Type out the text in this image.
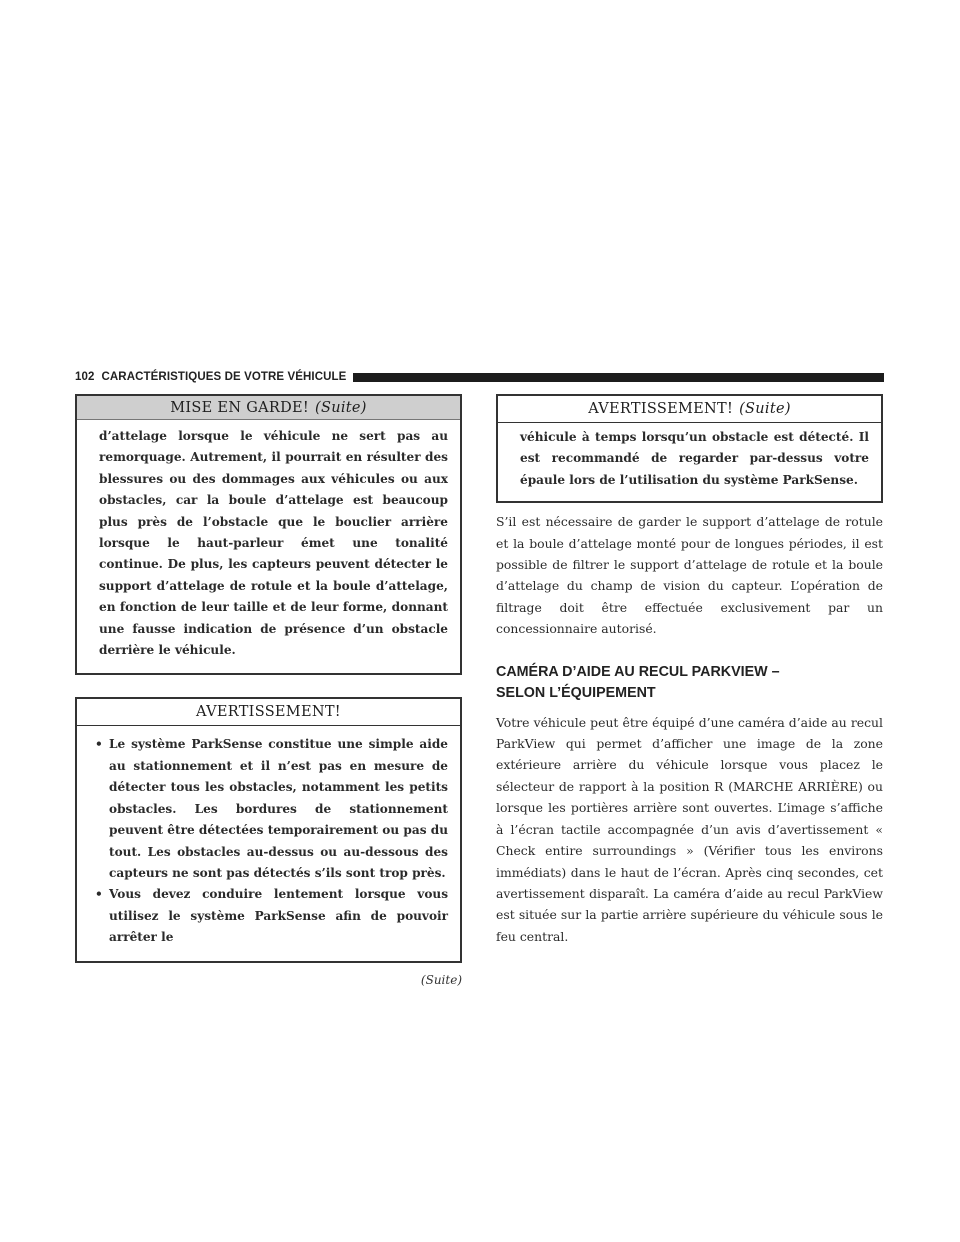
102 CARACTÉRISTIQUES DE VOTRE VÉHICULE
MISE EN GARDE! (Suite)
d’attelage lorsque le véhicule ne sert pas au remorquage. Autrement, il pourrait en résulter des blessures ou des dommages aux véhicules ou aux obstacles, car la boule d’attelage est beaucoup plus près de l’obstacle que le bouclier arrière lorsque le haut-parleur émet une tonalité continue. De plus, les capteurs peuvent détecter le support d’attelage de rotule et la boule d’attelage, en fonction de leur taille et de leur forme, donnant une fausse indication de présence d’un obstacle derrière le véhicule.
AVERTISSEMENT!
• Le système ParkSense constitue une simple aide au stationnement et il n’est pas en mesure de détecter tous les obstacles, notamment les petits obstacles. Les bordures de stationnement peuvent être détectées temporairement ou pas du tout. Les obstacles au-dessus ou au-dessous des capteurs ne sont pas détectés s’ils sont trop près.
• Vous devez conduire lentement lorsque vous utilisez le système ParkSense afin de pouvoir arrêter le
(Suite)
AVERTISSEMENT! (Suite)
véhicule à temps lorsqu’un obstacle est détecté. Il est recommandé de regarder par-dessus votre épaule lors de l’utilisation du système ParkSense.

S’il est nécessaire de garder le support d’attelage de rotule et la boule d’attelage monté pour de longues périodes, il est possible de filtrer le support d’attelage de rotule et la boule d’attelage du champ de vision du capteur. L’opération de filtrage doit être effectuée exclusivement par un concessionnaire autorisé.

CAMÉRA D’AIDE AU RECUL PARKVIEW –

SELON L’ÉQUIPEMENT

Votre véhicule peut être équipé d’une caméra d’aide au recul ParkView qui permet d’afficher une image de la zone extérieure arrière du véhicule lorsque vous placez le sélecteur de rapport à la position R (MARCHE ARRIÈRE) ou lorsque les portières arrière sont ouvertes. L’image s’affiche à l’écran tactile accompagnée d’un avis d’avertissement « Check entire surroundings » (Vérifier tous les environs immédiats) dans le haut de l’écran. Après cinq secondes, cet avertissement disparaît. La caméra d’aide au recul ParkView est située sur la partie arrière supérieure du véhicule sous le feu central.
